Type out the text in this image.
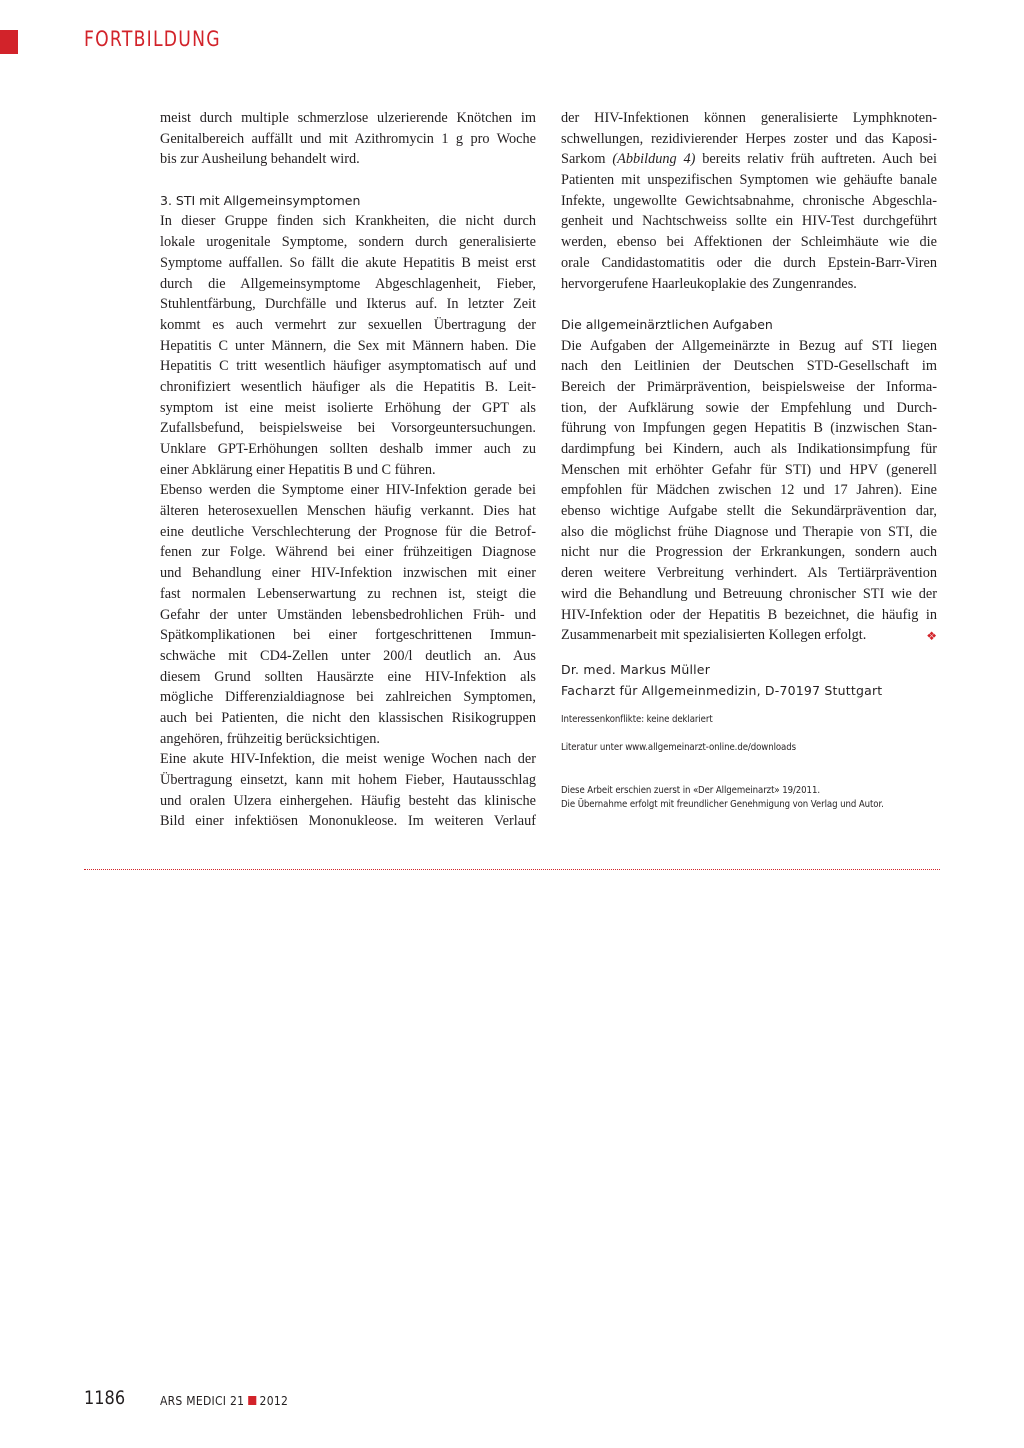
FORTBILDUNG

meist durch multiple schmerzlose ulzerierende Knötchen im
Genitalbereich auffällt und mit Azithromycin 1 g pro Woche
bis zur Ausheilung behandelt wird.

3. STI mit Allgemeinsymptomen

In dieser Gruppe finden sich Krankheiten, die nicht durch
lokale urogenitale Symptome, sondern durch generalisierte
Symptome auffallen. So fällt die akute Hepatitis B meist erst
durch die Allgemeinsymptome Abgeschlagenheit, Fieber,
Stuhlentfärbung, Durchfälle und Ikterus auf. In letzter Zeit
kommt es auch vermehrt zur sexuellen Übertragung der
Hepatitis C unter Männern, die Sex mit Männern haben. Die
Hepatitis C tritt wesentlich häufiger asymptomatisch auf und
chronifiziert wesentlich häufiger als die Hepatitis B. Leit-
symptom ist eine meist isolierte Erhöhung der GPT als
Zufallsbefund, beispielsweise bei Vorsorgeuntersuchungen.
Unklare GPT-Erhöhungen sollten deshalb immer auch zu
einer Abklärung einer Hepatitis B und C führen.

Ebenso werden die Symptome einer HIV-Infektion gerade bei
älteren heterosexuellen Menschen häufig verkannt. Dies hat
eine deutliche Verschlechterung der Prognose für die Betrof-
fenen zur Folge. Während bei einer frühzeitigen Diagnose
und Behandlung einer HIV-Infektion inzwischen mit einer
fast normalen Lebenserwartung zu rechnen ist, steigt die
Gefahr der unter Umständen lebensbedrohlichen Früh- und
Spätkomplikationen bei einer fortgeschrittenen Immun-
schwäche mit CD4-Zellen unter 200/l deutlich an. Aus
diesem Grund sollten Hausärzte eine HIV-Infektion als
mögliche Differenzialdiagnose bei zahlreichen Symptomen,
auch bei Patienten, die nicht den klassischen Risikogruppen
angehören, frühzeitig berücksichtigen.

Eine akute HIV-Infektion, die meist wenige Wochen nach der
Übertragung einsetzt, kann mit hohem Fieber, Hautausschlag
und oralen Ulzera einhergehen. Häufig besteht das klinische
Bild einer infektiösen Mononukleose. Im weiteren Verlauf

der HIV-Infektionen können generalisierte Lymphknoten-
schwellungen, rezidivierender Herpes zoster und das Kaposi-
Sarkom (Abbildung 4) bereits relativ früh auftreten. Auch bei
Patienten mit unspezifischen Symptomen wie gehäufte banale
Infekte, ungewollte Gewichtsabnahme, chronische Abgeschla-
genheit und Nachtschweiss sollte ein HIV-Test durchgeführt
werden, ebenso bei Affektionen der Schleimhäute wie die
orale Candidastomatitis oder die durch Epstein-Barr-Viren
hervorgerufene Haarleukoplakie des Zungenrandes.

Die allgemeinärztlichen Aufgaben

Die Aufgaben der Allgemeinärzte in Bezug auf STI liegen
nach den Leitlinien der Deutschen STD-Gesellschaft im
Bereich der Primärprävention, beispielsweise der Informa-
tion, der Aufklärung sowie der Empfehlung und Durch-
führung von Impfungen gegen Hepatitis B (inzwischen Stan-
dardimpfung bei Kindern, auch als Indikationsimpfung für
Menschen mit erhöhter Gefahr für STI) und HPV (generell
empfohlen für Mädchen zwischen 12 und 17 Jahren). Eine
ebenso wichtige Aufgabe stellt die Sekundärprävention dar,
also die möglichst frühe Diagnose und Therapie von STI, die
nicht nur die Progression der Erkrankungen, sondern auch
deren weitere Verbreitung verhindert. Als Tertiärprävention
wird die Behandlung und Betreuung chronischer STI wie der
HIV-Infektion oder der Hepatitis B bezeichnet, die häufig in
Zusammenarbeit mit spezialisierten Kollegen erfolgt.	❖

Dr. med. Markus Müller
Facharzt für Allgemeinmedizin, D-70197 Stuttgart
Interessenkonflikte: keine deklariert
Literatur unter www.allgemeinarzt-online.de/downloads
Diese Arbeit erschien zuerst in «Der Allgemeinarzt» 19/2011.
Die Übernahme erfolgt mit freundlicher Genehmigung von Verlag und Autor.
1186	ARS MEDICI 21 2012
